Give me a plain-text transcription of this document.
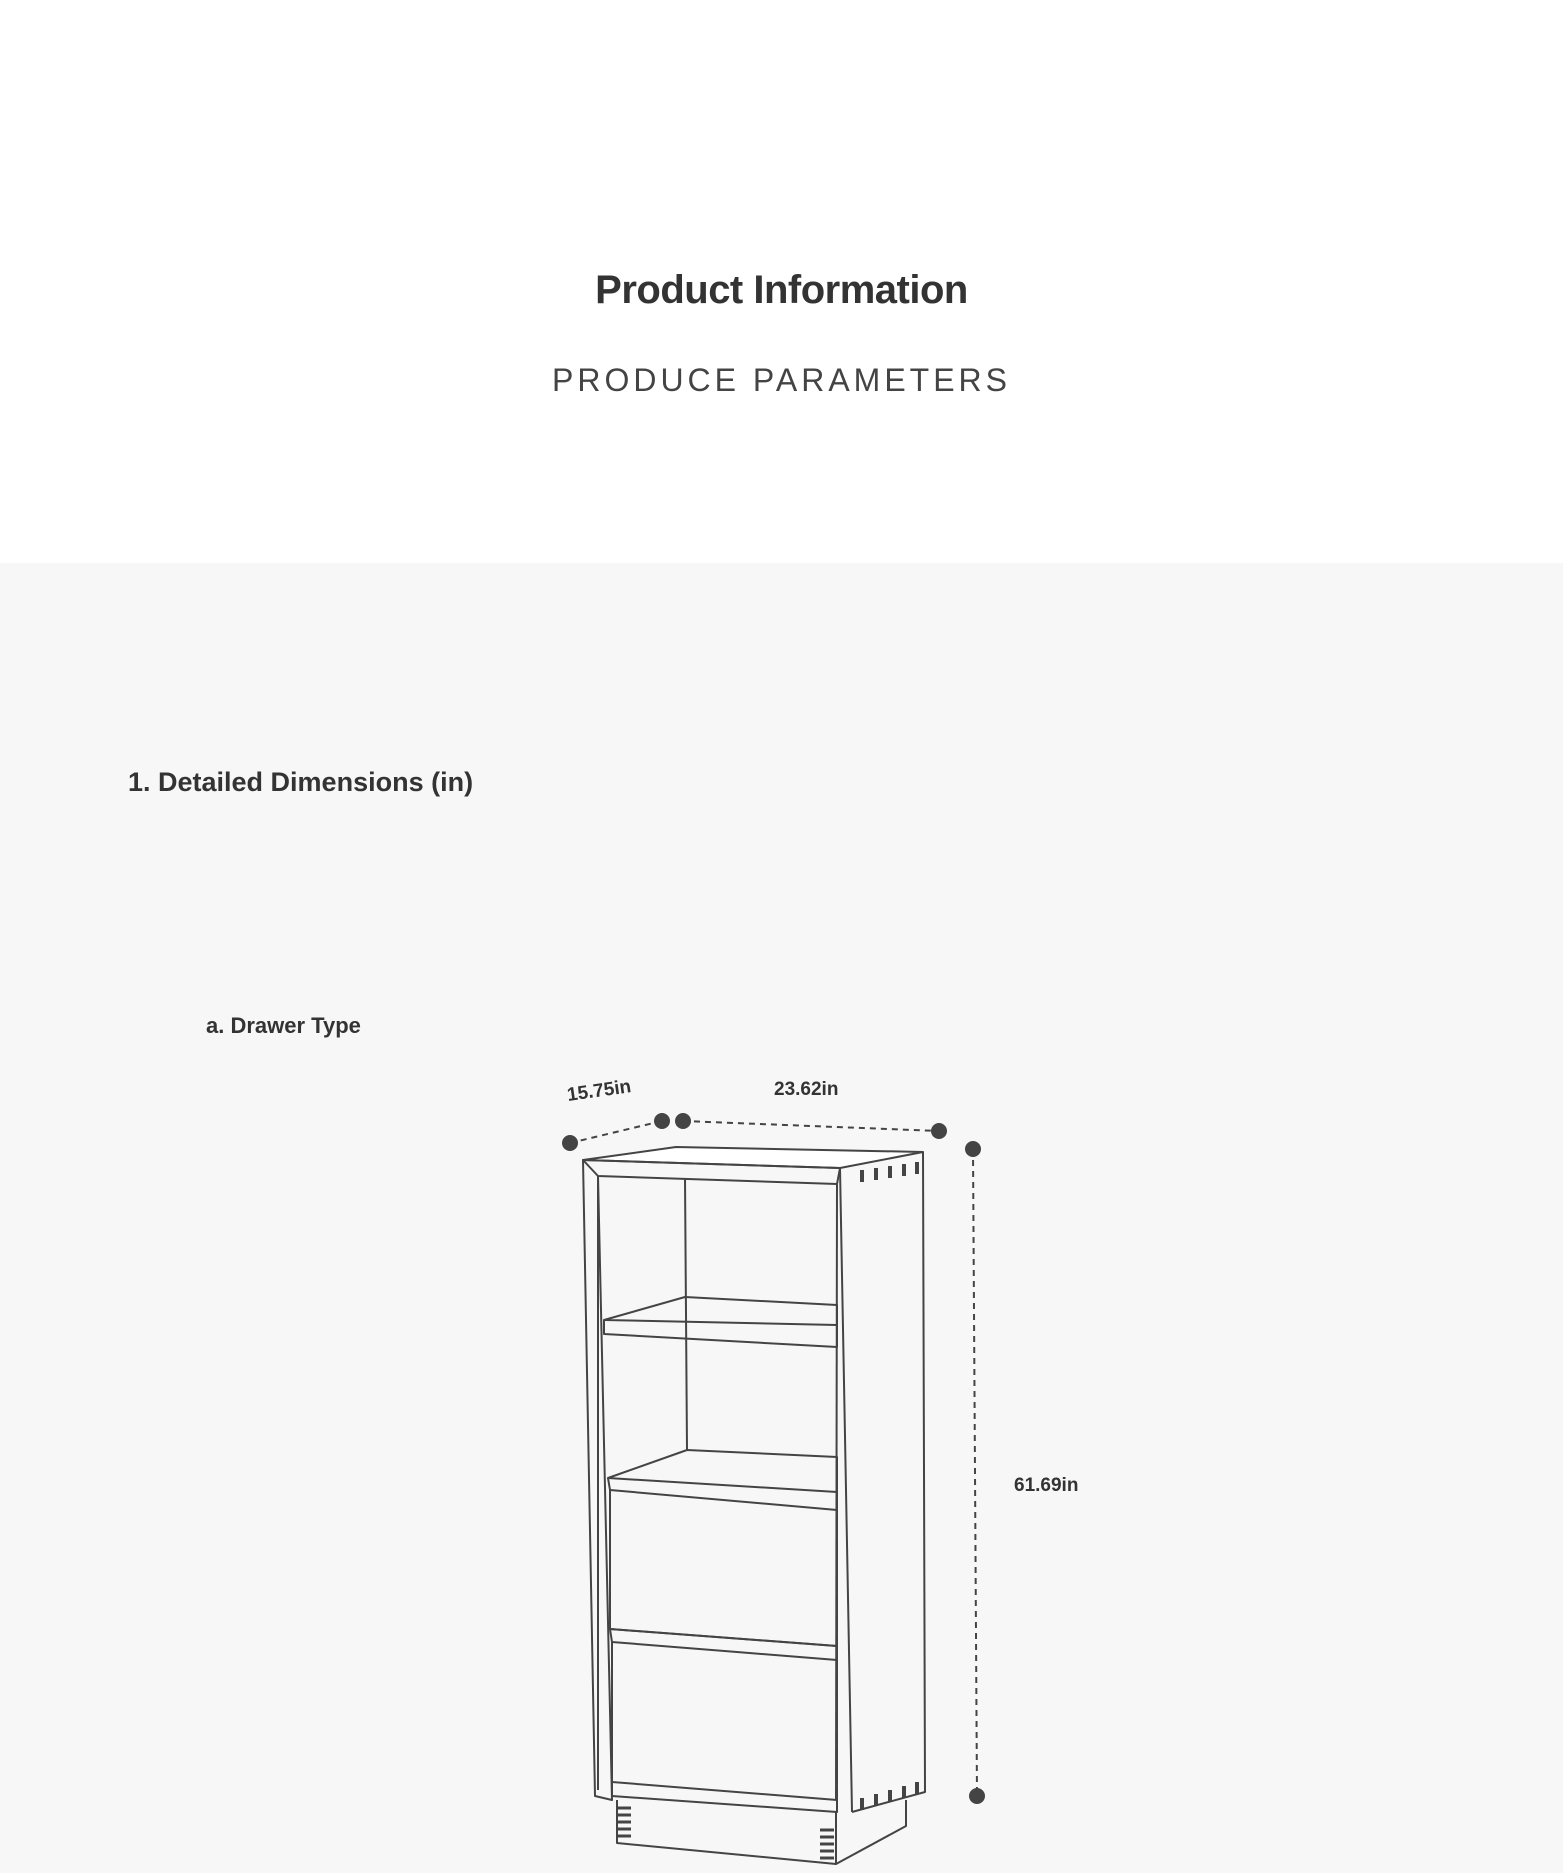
Product Information
PRODUCE PARAMETERS
1. Detailed Dimensions (in)
a. Drawer Type
15.75in	23.62in
61.69in
